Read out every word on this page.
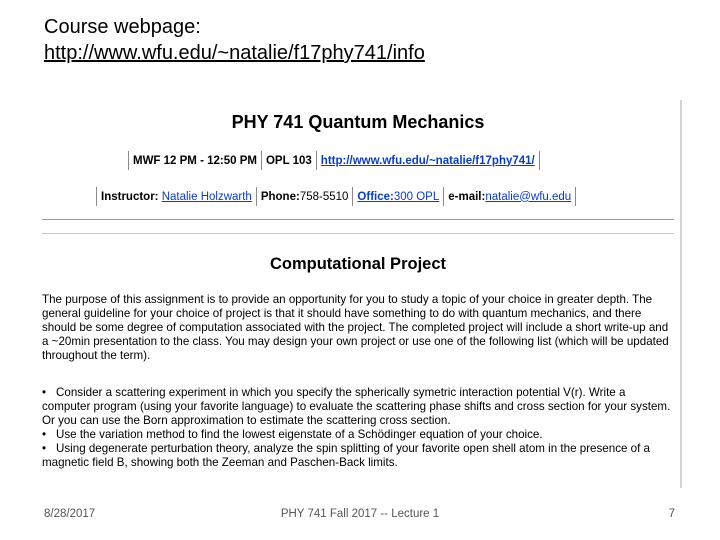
Course webpage:
http://www.wfu.edu/~natalie/f17phy741/info
PHY 741 Quantum Mechanics
MWF 12 PM - 12:50 PM OPL 103 http://www.wfu.edu/~natalie/f17phy741/
Instructor:
Natalie Holzwarth Phone: 758-5510 Office: 300 OPL e-mail: natalie@wfu.edu
Computational Project
The purpose of this assignment is to provide an opportunity for you to study a topic of your choice in greater depth. The general guideline for your choice of project is that it should have something to do with quantum mechanics, and there should be some degree of computation associated with the project. The completed project will include a short write-up and a ~20min presentation to the class. You may design your own project or use one of the following list (which will be updated throughout the term).
• Consider a scattering experiment in which you specify the spherically symetric interaction potential V(r). Write a computer program (using your favorite language) to evaluate the scattering phase shifts and cross section for your system. Or you can use the Born approximation to estimate the scattering cross section.
• Use the variation method to find the lowest eigenstate of a Schödinger equation of your choice.
• Using degenerate perturbation theory, analyze the spin splitting of your favorite open shell atom in the presence of a magnetic field B, showing both the Zeeman and Paschen-Back limits.
8/28/2017	PHY 741 Fall 2017 -- Lecture 1	7
